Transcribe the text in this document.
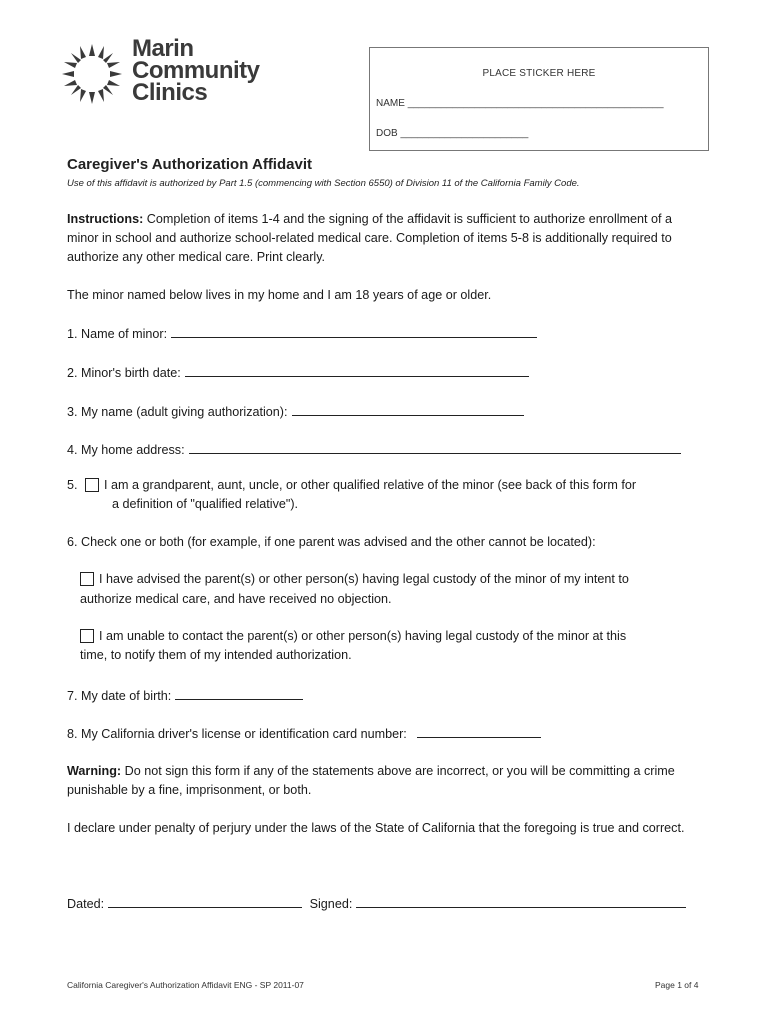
Marin
Community
Clinics
PLACE STICKER HERE
NAME ______________________________________________
DOB _______________________
Caregiver's Authorization Affidavit
Use of this affidavit is authorized by Part 1.5 (commencing with Section 6550) of Division 11 of the California Family Code.
Instructions: Completion of items 1-4 and the signing of the affidavit is sufficient to authorize enrollment of a minor in school and authorize school-related medical care. Completion of items 5-8 is additionally required to authorize any other medical care. Print clearly.
The minor named below lives in my home and I am 18 years of age or older.
1. Name of minor:
2. Minor's birth date:
3. My name (adult giving authorization):
4. My home address:
5. I am a grandparent, aunt, uncle, or other qualified relative of the minor (see back of this form for
a definition of "qualified relative").
6. Check one or both (for example, if one parent was advised and the other cannot be located):
I have advised the parent(s) or other person(s) having legal custody of the minor of my intent to
authorize medical care, and have received no objection.
I am unable to contact the parent(s) or other person(s) having legal custody of the minor at this
time, to notify them of my intended authorization.
7. My date of birth:
8. My California driver's license or identification card number:
Warning: Do not sign this form if any of the statements above are incorrect, or you will be committing a crime punishable by a fine, imprisonment, or both.
I declare under penalty of perjury under the laws of the State of California that the foregoing is true and correct.
Dated:	Signed:
California Caregiver's Authorization Affidavit ENG - SP 2011-07	Page 1 of 4
